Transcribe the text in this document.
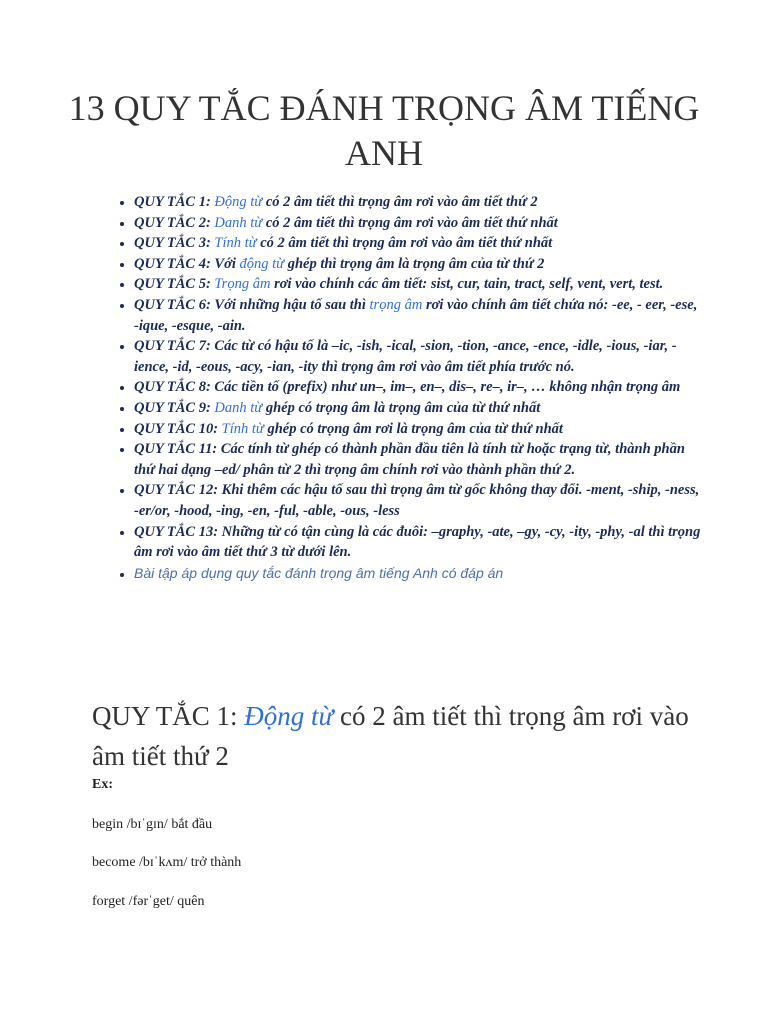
13 QUY TẮC ĐÁNH TRỌNG ÂM TIẾNG ANH
• QUY TẮC 1: Động từ có 2 âm tiết thì trọng âm rơi vào âm tiết thứ 2
• QUY TẮC 2: Danh từ có 2 âm tiết thì trọng âm rơi vào âm tiết thứ nhất
• QUY TẮC 3: Tính từ có 2 âm tiết thì trọng âm rơi vào âm tiết thứ nhất
• QUY TẮC 4: Với động từ ghép thì trọng âm là trọng âm của từ thứ 2
• QUY TẮC 5: Trọng âm rơi vào chính các âm tiết: sist, cur, tain, tract, self, vent, vert, test.
• QUY TẮC 6: Với những hậu tố sau thì trọng âm rơi vào chính âm tiết chứa nó: -ee, - eer, -ese, -ique, -esque, -ain.
• QUY TẮC 7: Các từ có hậu tố là –ic, -ish, -ical, -sion, -tion, -ance, -ence, -idle, -ious, -iar, -ience, -id, -eous, -acy, -ian, -ity thì trọng âm rơi vào âm tiết phía trước nó.
• QUY TẮC 8: Các tiền tố (prefix) như un–, im–, en–, dis–, re–, ir–, … không nhận trọng âm
• QUY TẮC 9: Danh từ ghép có trọng âm là trọng âm của từ thứ nhất
• QUY TẮC 10: Tính từ ghép có trọng âm rơi là trọng âm của từ thứ nhất
• QUY TẮC 11: Các tính từ ghép có thành phần đầu tiên là tính từ hoặc trạng từ, thành phần thứ hai dạng –ed/ phân từ 2 thì trọng âm chính rơi vào thành phần thứ 2.
• QUY TẮC 12: Khi thêm các hậu tố sau thì trọng âm từ gốc không thay đổi. -ment, -ship, -ness, -er/or, -hood, -ing, -en, -ful, -able, -ous, -less
• QUY TẮC 13: Những từ có tận cùng là các đuôi: –graphy, -ate, –gy, -cy, -ity, -phy, -al thì trọng âm rơi vào âm tiết thứ 3 từ dưới lên.
• Bài tập áp dụng quy tắc đánh trọng âm tiếng Anh có đáp án
QUY TẮC 1: Động từ có 2 âm tiết thì trọng âm rơi vào âm tiết thứ 2
Ex:
begin /bɪˈgɪn/ bắt đầu
become /bɪˈkʌm/ trở thành
forget /fərˈget/ quên
